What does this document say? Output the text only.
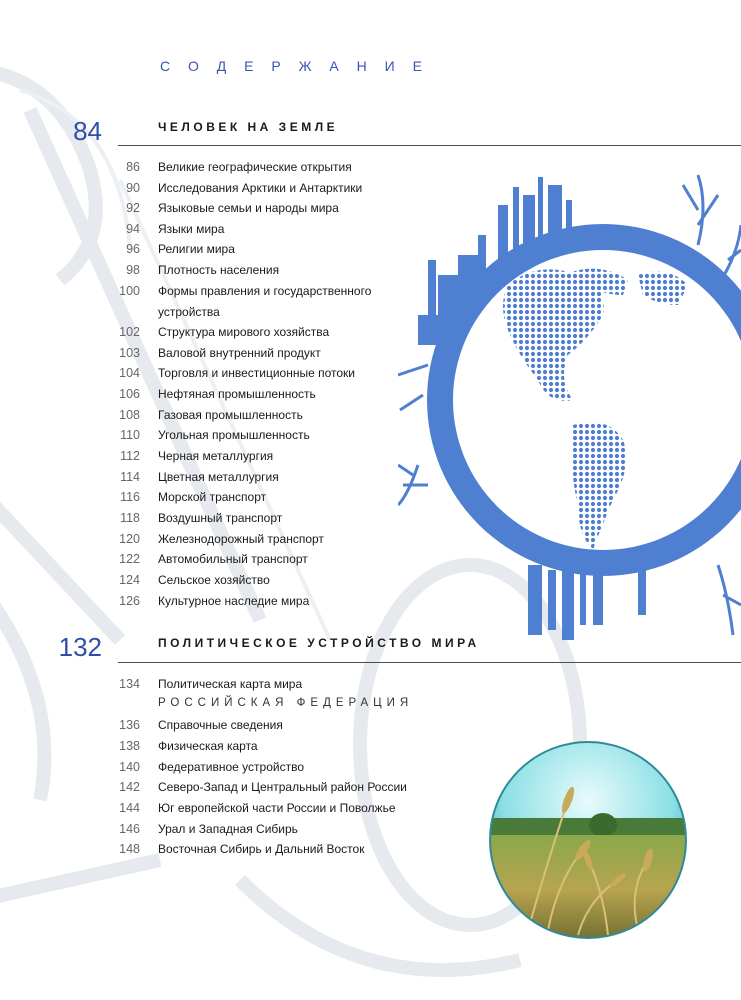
С О Д Е Р Ж А Н И Е
84	ЧЕЛОВЕК НА ЗЕМЛЕ
86 Великие географические открытия
90 Исследования Арктики и Антарктики
92 Языковые семьи и народы мира
94 Языки мира
96 Религии мира
98 Плотность населения
100 Формы правления и государственного
устройства
102 Структура мирового хозяйства
103 Валовой внутренний продукт
104 Торговля и инвестиционные потоки
106 Нефтяная промышленность
108 Газовая промышленность
110 Угольная промышленность
112 Черная металлургия
114 Цветная металлургия
116 Морской транспорт
118 Воздушный транспорт
120 Железнодорожный транспорт
122 Автомобильный транспорт
124 Сельское хозяйство
126 Культурное наследие мира
132	ПОЛИТИЧЕСКОЕ УСТРОЙСТВО МИРА
134 Политическая карта мира
РОССИЙСКАЯ ФЕДЕРАЦИЯ
136 Справочные сведения
138 Физическая карта
140 Федеративное устройство
142 Северо-Запад и Центральный район России
144 Юг европейской части России и Поволжье
146 Урал и Западная Сибирь
148 Восточная Сибирь и Дальний Восток
